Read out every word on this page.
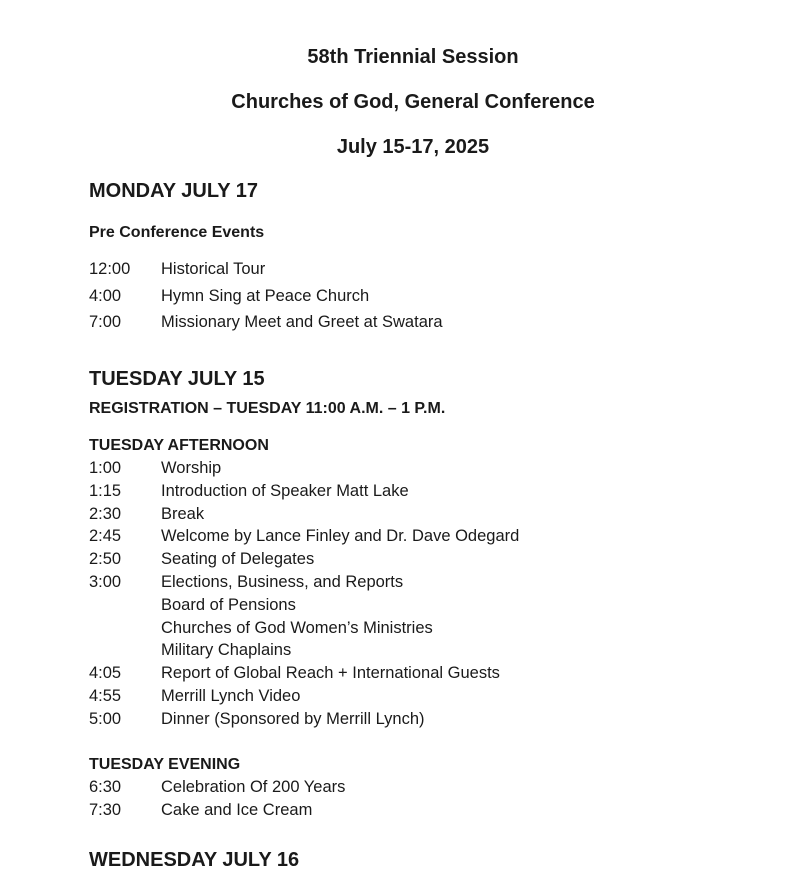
58th Triennial Session
Churches of God, General Conference
July 15-17, 2025
MONDAY JULY 17
Pre Conference Events
12:00 Historical Tour
4:00 Hymn Sing at Peace Church
7:00 Missionary Meet and Greet at Swatara
TUESDAY JULY 15
REGISTRATION – TUESDAY 11:00 A.M. – 1 P.M.
TUESDAY AFTERNOON
1:00 Worship
1:15 Introduction of Speaker Matt Lake
2:30 Break
2:45 Welcome by Lance Finley and Dr. Dave Odegard
2:50 Seating of Delegates
3:00 Elections, Business, and Reports
Board of Pensions
Churches of God Women’s Ministries
Military Chaplains
4:05 Report of Global Reach + International Guests
4:55 Merrill Lynch Video
5:00 Dinner (Sponsored by Merrill Lynch)
TUESDAY EVENING
6:30 Celebration Of 200 Years
7:30 Cake and Ice Cream
WEDNESDAY JULY 16
